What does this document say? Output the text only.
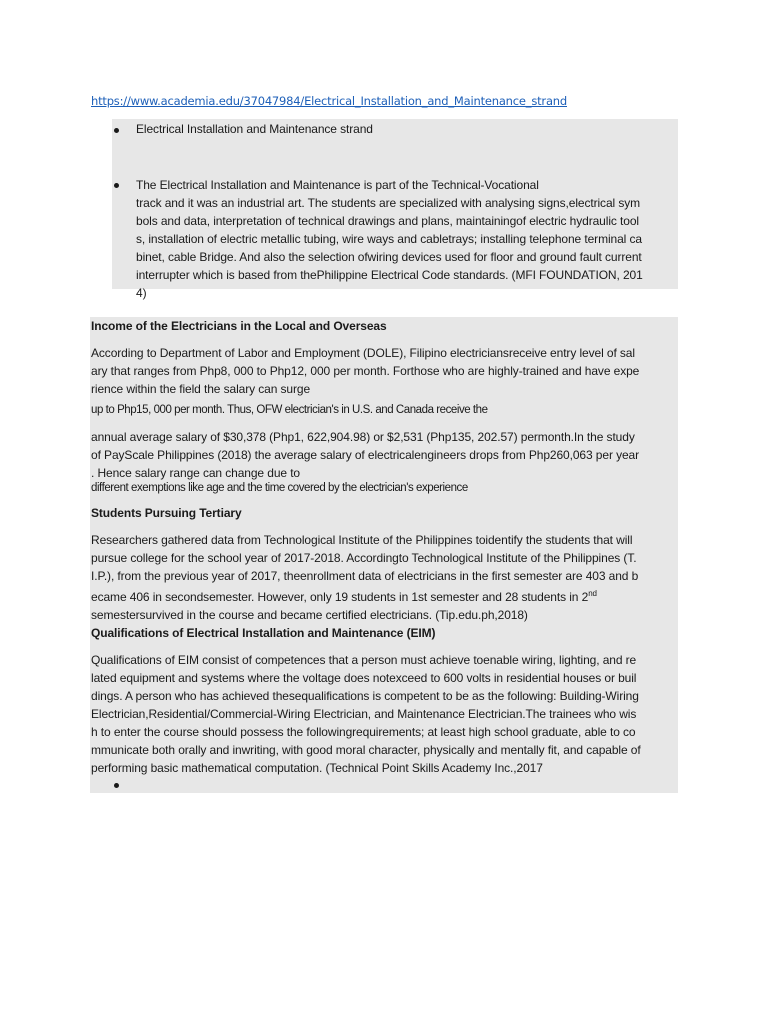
https://www.academia.edu/37047984/Electrical_Installation_and_Maintenance_strand
Electrical Installation and Maintenance strand
The Electrical Installation and Maintenance is part of the Technical-Vocational
track and it was an industrial art. The students are specialized with analysing signs,electrical sym
bols and data, interpretation of technical drawings and plans, maintainingof electric hydraulic tool
s, installation of electric metallic tubing, wire ways and cabletrays; installing telephone terminal ca
binet, cable Bridge. And also the selection ofwiring devices used for floor and ground fault current
interrupter which is based from thePhilippine Electrical Code standards. (MFI FOUNDATION, 201
4)
Income of the Electricians in the Local and Overseas
According to Department of Labor and Employment (DOLE), Filipino electriciansreceive entry level of sal
ary that ranges from Php8, 000 to Php12, 000 per month. Forthose who are highly-trained and have expe
rience within the field the salary can surge
up to Php15, 000 per month. Thus, OFW electrician's in U.S. and Canada receive the
annual average salary of $30,378 (Php1, 622,904.98) or $2,531 (Php135, 202.57) permonth.In the study
of PayScale Philippines (2018) the average salary of electricalengineers drops from Php260,063 per year
. Hence salary range can change due to
different exemptions like age and the time covered by the electrician's experience
Students Pursuing Tertiary
Researchers gathered data from Technological Institute of the Philippines toidentify the students that will
pursue college for the school year of 2017-2018. Accordingto Technological Institute of the Philippines (T.
I.P.), from the previous year of 2017, theenrollment data of electricians in the first semester are 403 and b
ecame 406 in secondsemester. However, only 19 students in 1st semester and 28 students in 2nd
semestersurvived in the course and became certified electricians. (Tip.edu.ph,2018)
Qualifications of Electrical Installation and Maintenance (EIM)
Qualifications of EIM consist of competences that a person must achieve toenable wiring, lighting, and re
lated equipment and systems where the voltage does notexceed to 600 volts in residential houses or buil
dings. A person who has achieved thesequalifications is competent to be as the following: Building-Wiring
Electrician,Residential/Commercial-Wiring Electrician, and Maintenance Electrician.The trainees who wis
h to enter the course should possess the followingrequirements; at least high school graduate, able to co
mmunicate both orally and inwriting, with good moral character, physically and mentally fit, and capable of
performing basic mathematical computation. (Technical Point Skills Academy Inc.,2017
